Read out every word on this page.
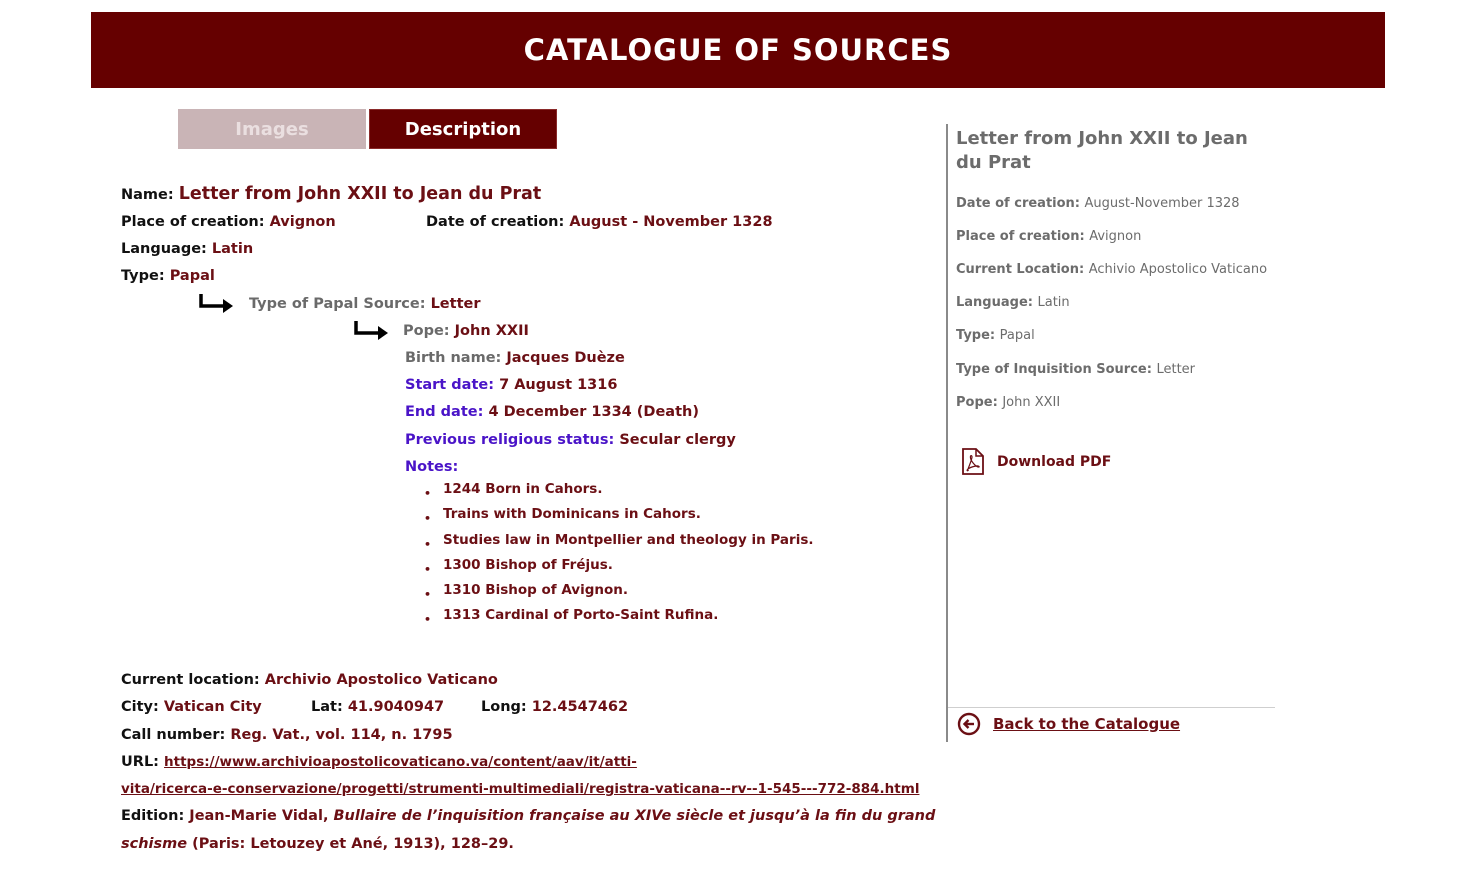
CATALOGUE OF SOURCES
Images	Description
Name: Letter from John XXII to Jean du Prat
Place of creation: Avignon	Date of creation: August - November 1328
Language: Latin
Type: Papal
Type of Papal Source: Letter
Pope: John XXII
Birth name: Jacques Duèze
Start date: 7 August 1316
End date: 4 December 1334 (Death)
Previous religious status: Secular clergy
Notes:
• 1244 Born in Cahors.
• Trains with Dominicans in Cahors.
• Studies law in Montpellier and theology in Paris.
• 1300 Bishop of Fréjus.
• 1310 Bishop of Avignon.
• 1313 Cardinal of Porto-Saint Rufina.
Current location: Archivio Apostolico Vaticano
City: Vatican City	Lat: 41.9040947	Long: 12.4547462
Call number: Reg. Vat., vol. 114, n. 1795
URL: https://www.archivioapostolicovaticano.va/content/aav/it/atti-
vita/ricerca-e-conservazione/progetti/strumenti-multimediali/registra-vaticana--rv--1-545---772-884.html
Edition: Jean-Marie Vidal, Bullaire de l’inquisition française au XIVe siècle et jusqu’à la fin du grand
schisme (Paris: Letouzey et Ané, 1913), 128–29.
Letter from John XXII to Jean du Prat
Date of creation: August-November 1328
Place of creation: Avignon
Current Location: Achivio Apostolico Vaticano
Language: Latin
Type: Papal
Type of Inquisition Source: Letter
Pope: John XXII
Download PDF
Back to the Catalogue
